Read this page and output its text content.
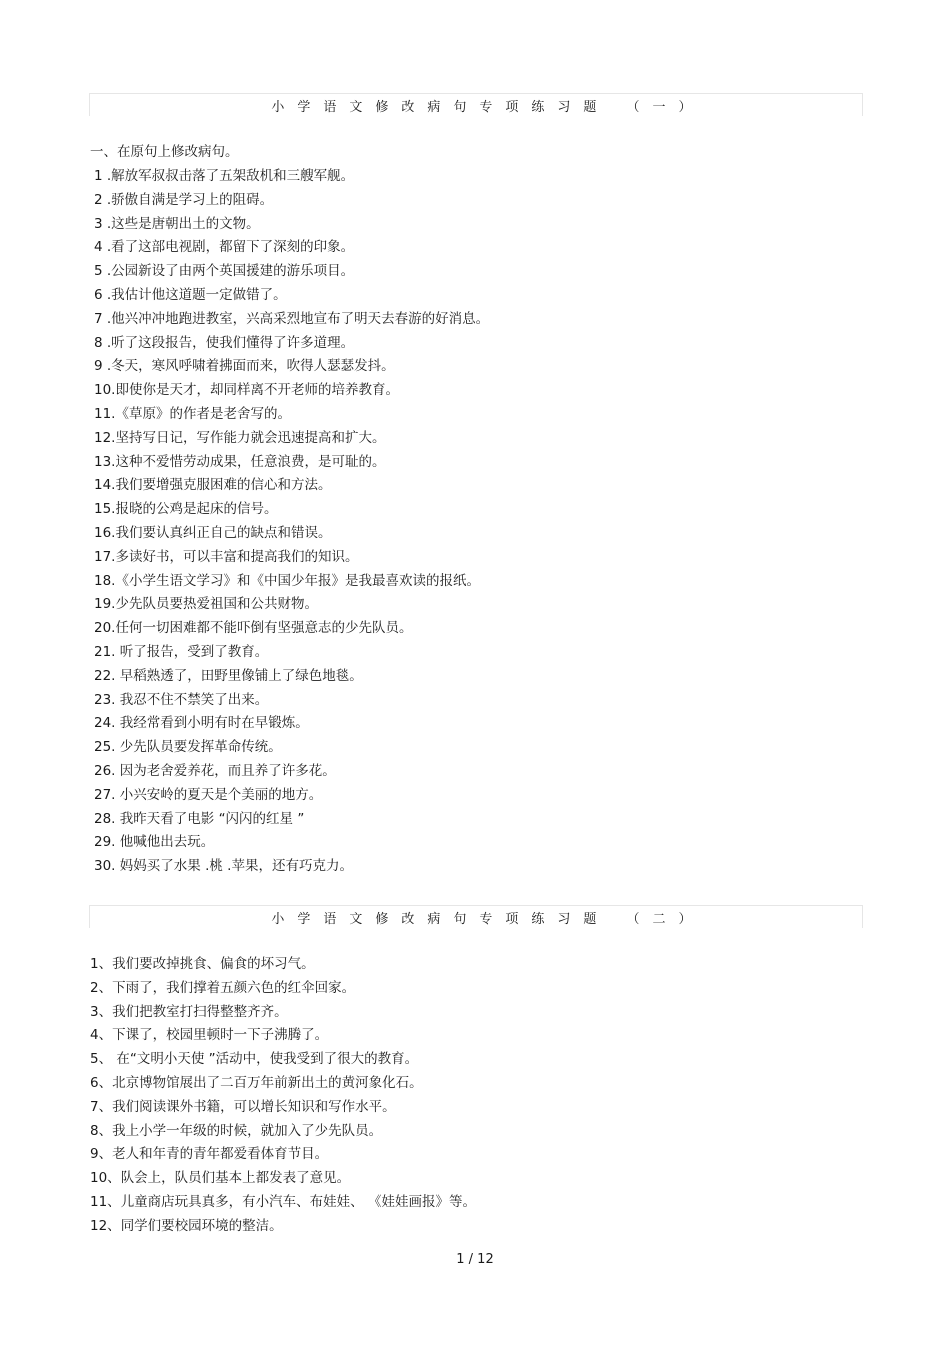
小学语文修改病句专项练习题 （一）
一、在原句上修改病句。
1 .解放军叔叔击落了五架敌机和三艘军舰。
2 .骄傲自满是学习上的阻碍。
3 .这些是唐朝出土的文物。
4 .看了这部电视剧，都留下了深刻的印象。
5 .公园新设了由两个英国援建的游乐项目。
6 .我估计他这道题一定做错了。
7 .他兴冲冲地跑进教室，兴高采烈地宣布了明天去春游的好消息。
8 .听了这段报告，使我们懂得了许多道理。
9 .冬天，寒风呼啸着拂面而来，吹得人瑟瑟发抖。
10.即使你是天才，却同样离不开老师的培养教育。
11.《草原》的作者是老舍写的。
12.坚持写日记，写作能力就会迅速提高和扩大。
13.这种不爱惜劳动成果，任意浪费，是可耻的。
14.我们要增强克服困难的信心和方法。
15.报晓的公鸡是起床的信号。
16.我们要认真纠正自己的缺点和错误。
17.多读好书，可以丰富和提高我们的知识。
18.《小学生语文学习》和《中国少年报》是我最喜欢读的报纸。
19.少先队员要热爱祖国和公共财物。
20.任何一切困难都不能吓倒有坚强意志的少先队员。
21. 听了报告，受到了教育。
22. 早稻熟透了，田野里像铺上了绿色地毯。
23. 我忍不住不禁笑了出来。
24. 我经常看到小明有时在早锻炼。
25. 少先队员要发挥革命传统。
26. 因为老舍爱养花，而且养了许多花。
27. 小兴安岭的夏天是个美丽的地方。
28. 我昨天看了电影 “闪闪的红星 ”
29. 他喊他出去玩。
30. 妈妈买了水果 .桃 .苹果，还有巧克力。
小学语文修改病句专项练习题 （二）
1、我们要改掉挑食、偏食的坏习气。
2、下雨了，我们撑着五颜六色的红伞回家。
3、我们把教室打扫得整整齐齐。
4、下课了，校园里顿时一下子沸腾了。
5、 在“文明小天使 ”活动中，使我受到了很大的教育。
6、北京博物馆展出了二百万年前新出土的黄河象化石。
7、我们阅读课外书籍，可以增长知识和写作水平。
8、我上小学一年级的时候，就加入了少先队员。
9、老人和年青的青年都爱看体育节目。
10、队会上，队员们基本上都发表了意见。
11、儿童商店玩具真多，有小汽车、布娃娃、 《娃娃画报》等。
12、同学们要校园环境的整洁。
1 / 12
